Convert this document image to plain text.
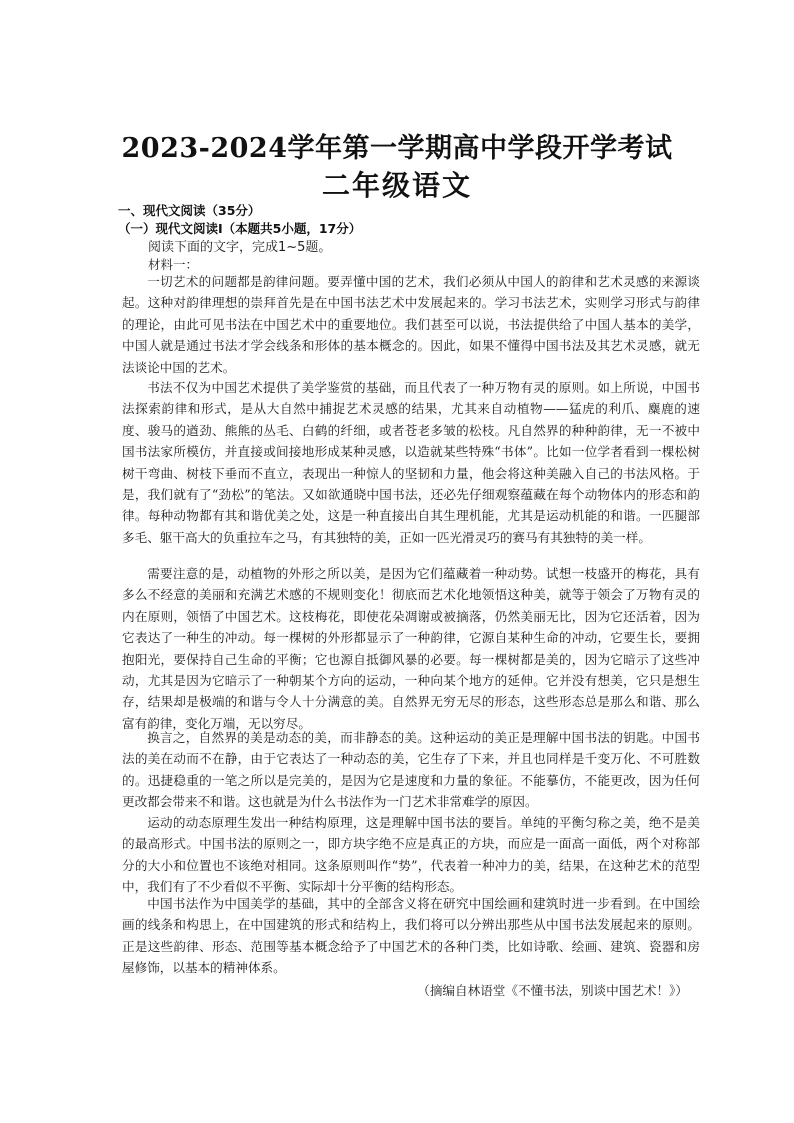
2023-2024学年第一学期高中学段开学考试
二年级语文
一、现代文阅读（35分）
（一）现代文阅读Ⅰ（本题共5小题，17分）
阅读下面的文字，完成1~5题。
材料一：

一切艺术的问题都是韵律问题。要弄懂中国的艺术，我们必须从中国人的韵律和艺术灵感的来源谈起。这种对韵律理想的崇拜首先是在中国书法艺术中发展起来的。学习书法艺术，实则学习形式与韵律的理论，由此可见书法在中国艺术中的重要地位。我们甚至可以说，书法提供给了中国人基本的美学，中国人就是通过书法才学会线条和形体的基本概念的。因此，如果不懂得中国书法及其艺术灵感，就无法谈论中国的艺术。

书法不仅为中国艺术提供了美学鉴赏的基础，而且代表了一种万物有灵的原则。如上所说，中国书法探索韵律和形式，是从大自然中捕捉艺术灵感的结果，尤其来自动植物——猛虎的利爪、麋鹿的速度、骏马的遒劲、熊熊的丛毛、白鹤的纤细，或者苍老多皱的松枝。凡自然界的种种韵律，无一不被中国书法家所模仿，并直接或间接地形成某种灵感，以造就某些特殊“书体”。比如一位学者看到一棵松树树干弯曲、树枝下垂而不直立，表现出一种惊人的坚韧和力量，他会将这种美融入自己的书法风格。于是，我们就有了“劲松”的笔法。又如欲通晓中国书法，还必先仔细观察蕴藏在每个动物体内的形态和韵律。每种动物都有其和谐优美之处，这是一种直接出自其生理机能，尤其是运动机能的和谐。一匹腿部多毛、躯干高大的负重拉车之马，有其独特的美，正如一匹光滑灵巧的赛马有其独特的美一样。

需要注意的是，动植物的外形之所以美，是因为它们蕴藏着一种动势。试想一枝盛开的梅花，具有多么不经意的美丽和充满艺术感的不规则变化！彻底而艺术化地领悟这种美，就等于领会了万物有灵的内在原则，领悟了中国艺术。这枝梅花，即使花朵凋谢或被摘落，仍然美丽无比，因为它还活着，因为它表达了一种生的冲动。每一棵树的外形都显示了一种韵律，它源自某种生命的冲动，它要生长，要拥抱阳光，要保持自己生命的平衡；它也源自抵御风暴的必要。每一棵树都是美的，因为它暗示了这些冲动，尤其是因为它暗示了一种朝某个方向的运动，一种向某个地方的延伸。它并没有想美，它只是想生存，结果却是极端的和谐与令人十分满意的美。自然界无穷无尽的形态，这些形态总是那么和谐、那么富有韵律，变化万端，无以穷尽。

换言之，自然界的美是动态的美，而非静态的美。这种运动的美正是理解中国书法的钥匙。中国书法的美在动而不在静，由于它表达了一种动态的美，它生存了下来，并且也同样是千变万化、不可胜数的。迅捷稳重的一笔之所以是完美的，是因为它是速度和力量的象征。不能摹仿，不能更改，因为任何更改都会带来不和谐。这也就是为什么书法作为一门艺术非常难学的原因。

运动的动态原理生发出一种结构原理，这是理解中国书法的要旨。单纯的平衡匀称之美，绝不是美的最高形式。中国书法的原则之一，即方块字绝不应是真正的方块，而应是一面高一面低，两个对称部分的大小和位置也不该绝对相同。这条原则叫作“势”，代表着一种冲力的美，结果，在这种艺术的范型中，我们有了不少看似不平衡、实际却十分平衡的结构形态。

中国书法作为中国美学的基础，其中的全部含义将在研究中国绘画和建筑时进一步看到。在中国绘画的线条和构思上，在中国建筑的形式和结构上，我们将可以分辨出那些从中国书法发展起来的原则。正是这些韵律、形态、范围等基本概念给予了中国艺术的各种门类，比如诗歌、绘画、建筑、瓷器和房屋修饰，以基本的精神体系。

（摘编自林语堂《不懂书法，别谈中国艺术！》）
